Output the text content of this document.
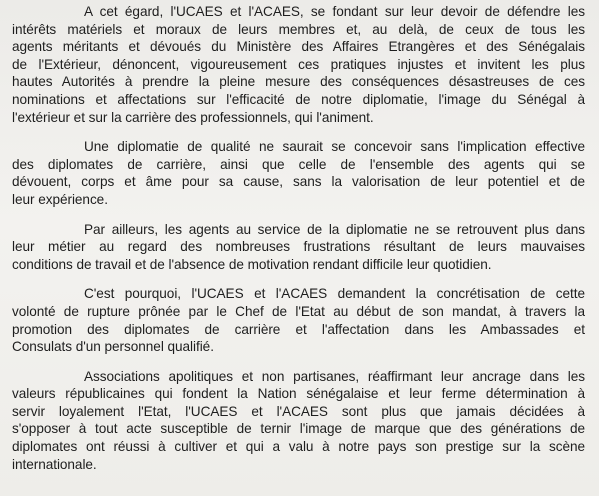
A cet égard, l'UCAES et l'ACAES, se fondant sur leur devoir de défendre les
intérêts matériels et moraux de leurs membres et, au delà, de ceux de tous les
agents méritants et dévoués du Ministère des Affaires Etrangères et des Sénégalais
de l'Extérieur, dénoncent, vigoureusement ces pratiques injustes et invitent les plus
hautes Autorités à prendre la pleine mesure des conséquences désastreuses de ces
nominations et affectations sur l'efficacité de notre diplomatie, l'image du Sénégal à
l'extérieur et sur la carrière des professionnels, qui l'animent.

Une diplomatie de qualité ne saurait se concevoir sans l'implication effective
des diplomates de carrière, ainsi que celle de l'ensemble des agents qui se
dévouent, corps et âme pour sa cause, sans la valorisation de leur potentiel et de
leur expérience.

Par ailleurs, les agents au service de la diplomatie ne se retrouvent plus dans
leur métier au regard des nombreuses frustrations résultant de leurs mauvaises
conditions de travail et de l'absence de motivation rendant difficile leur quotidien.

C'est pourquoi, l'UCAES et l'ACAES demandent la concrétisation de cette
volonté de rupture prônée par le Chef de l'Etat au début de son mandat, à travers la
promotion des diplomates de carrière et l'affectation dans les Ambassades et
Consulats d'un personnel qualifié.

Associations apolitiques et non partisanes, réaffirmant leur ancrage dans les
valeurs républicaines qui fondent la Nation sénégalaise et leur ferme détermination à
servir loyalement l'Etat, l'UCAES et l'ACAES sont plus que jamais décidées à
s'opposer à tout acte susceptible de ternir l'image de marque que des générations de
diplomates ont réussi à cultiver et qui a valu à notre pays son prestige sur la scène
internationale.
